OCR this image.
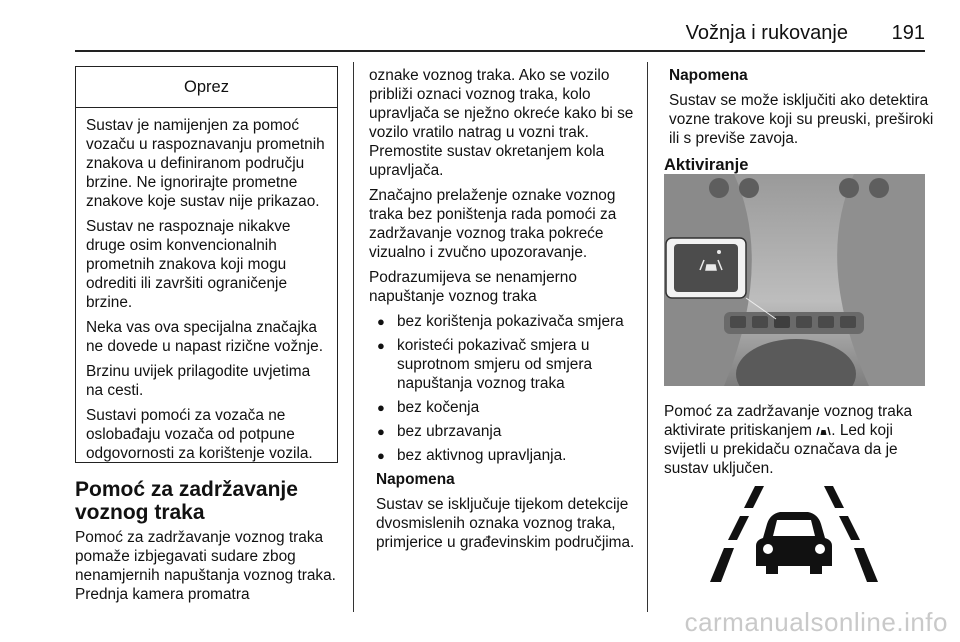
Vožnja i rukovanje 191
Oprez

Sustav je namijenjen za pomoć vozaču u raspoznavanju prometnih znakova u definiranom području brzine. Ne ignorirajte prometne znakove koje sustav nije prikazao.

Sustav ne raspoznaje nikakve druge osim konvencionalnih prometnih znakova koji mogu odrediti ili završiti ograničenje brzine.

Neka vas ova specijalna značajka ne dovede u napast rizične vožnje.

Brzinu uvijek prilagodite uvjetima na cesti.

Sustavi pomoći za vozača ne oslobađaju vozača od potpune odgovornosti za korištenje vozila.

Pomoć za zadržavanje voznog traka

Pomoć za zadržavanje voznog traka pomaže izbjegavati sudare zbog nenamjernih napuštanja voznog traka. Prednja kamera promatra

oznake voznog traka. Ako se vozilo približi oznaci voznog traka, kolo upravljača se nježno okreće kako bi se vozilo vratilo natrag u vozni trak. Premostite sustav okretanjem kola upravljača.

Značajno prelaženje oznake voznog traka bez poništenja rada pomoći za zadržavanje voznog traka pokreće vizualno i zvučno upozoravanje.

Podrazumijeva se nenamjerno napuštanje voznog traka

● bez korištenja pokazivača smjera
● koristeći pokazivač smjera u suprotnom smjeru od smjera napuštanja voznog traka
● bez kočenja
● bez ubrzavanja
● bez aktivnog upravljanja.

Napomena

Sustav se isključuje tijekom detekcije dvosmislenih oznaka voznog traka, primjerice u građevinskim područjima.

Napomena

Sustav se može isključiti ako detektira vozne trakove koji su preuski, preširoki ili s previše zavoja.

Aktiviranje

Pomoć za zadržavanje voznog traka aktivirate pritiskanjem . Led koji svijetli u prekidaču označava da je sustav uključen.

carmanualsonline.info
